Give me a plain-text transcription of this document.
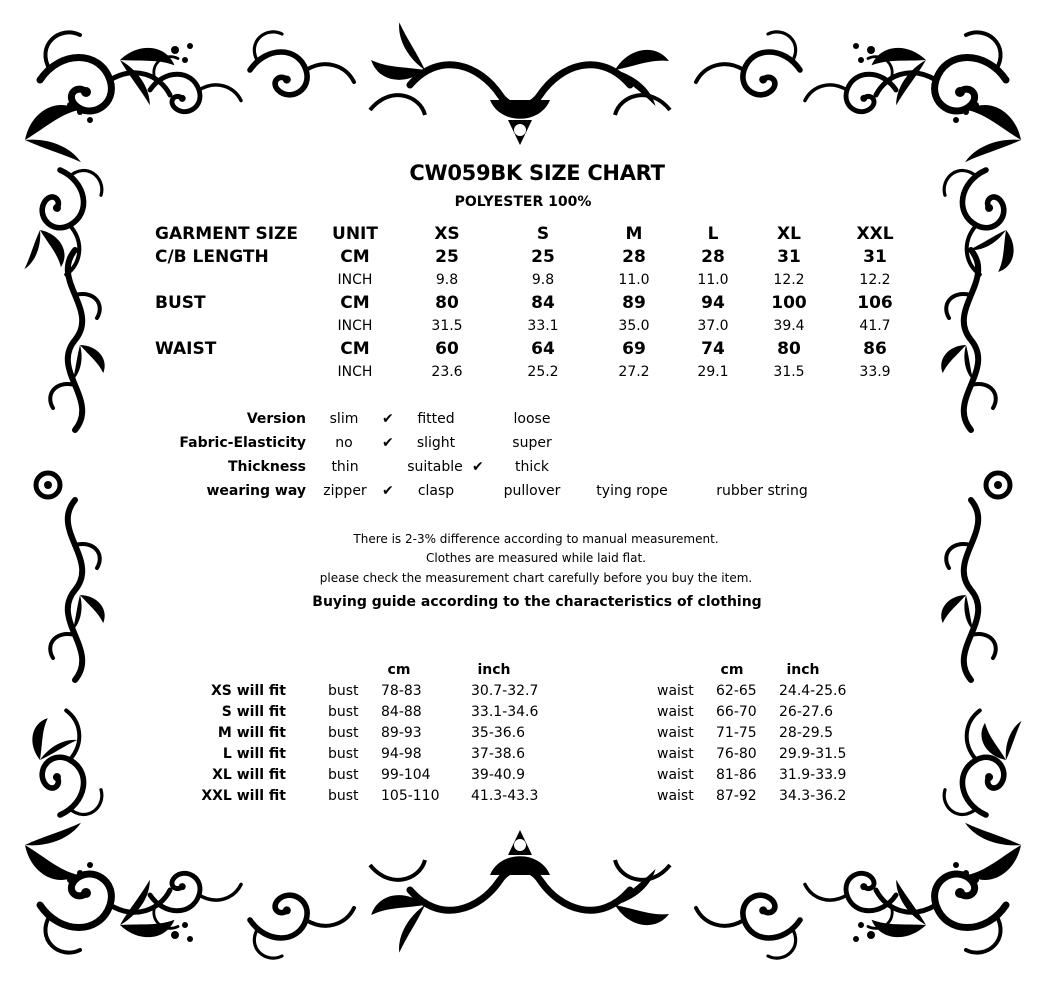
CW059BK SIZE CHART
POLYESTER 100%
GARMENT SIZE UNIT	XS	S	M	L	XL	XXL
C/B LENGTH	CM	25	25	28	28	31	31
INCH	9.8	9.8	11.0	11.0	12.2	12.2
BUST	CM	80	84	89	94	100	106
INCH	31.5	33.1	35.0	37.0	39.4	41.7
WAIST	CM	60	64	69	74	80	86
INCH	23.6	25.2	27.2	29.1	31.5	33.9
Version slim ✔ fitted	loose
Fabric-Elasticity no ✔ slight	super
Thickness thin	suitable ✔ thick
wearing way zipper ✔ clasp	pullover	tying rope	rubber string
There is 2-3% difference according to manual measurement.
Clothes are measured while laid flat.
please check the measurement chart carefully before you buy the item.
Buying guide according to the characteristics of clothing
cm	inch	cm	inch
XS will fit	bust 78-83	30.7-32.7	waist 62-65 24.4-25.6
S will fit	bust 84-88	33.1-34.6	waist 66-70 26-27.6
M will fit	bust 89-93	35-36.6	waist 71-75 28-29.5
L will fit	bust 94-98	37-38.6	waist 76-80 29.9-31.5
XL will fit	bust 99-104	39-40.9	waist 81-86 31.9-33.9
XXL will fit	bust 105-110 41.3-43.3	waist 87-92 34.3-36.2
